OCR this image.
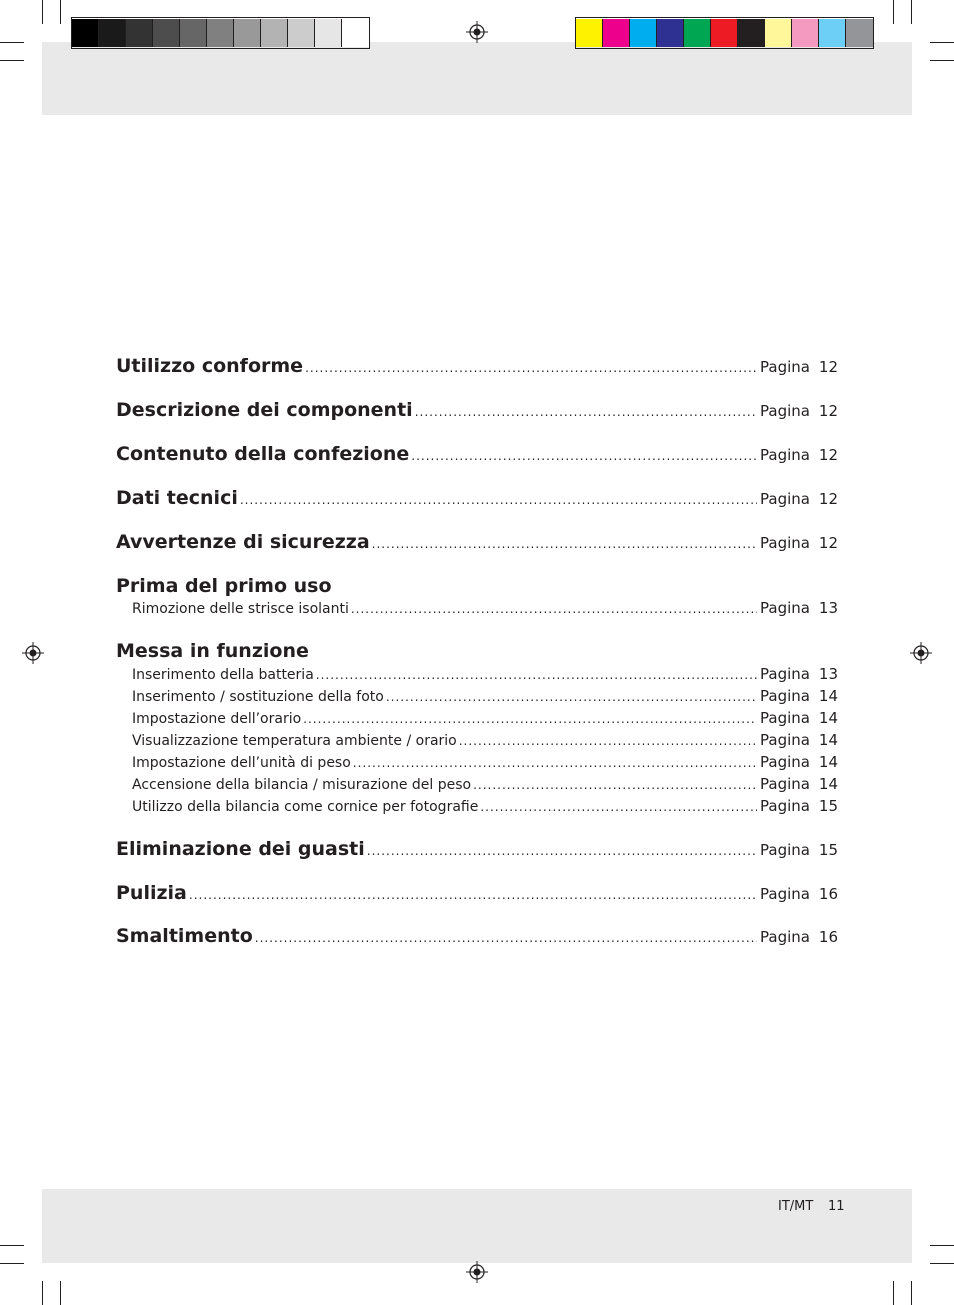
Utilizzo conforme .....	Pagina 12
Descrizione dei componenti .....	Pagina 12
Contenuto della confezione .....	Pagina 12
Dati tecnici .....	Pagina 12
Avvertenze di sicurezza .....	Pagina 12
Prima del primo uso
Rimozione delle strisce isolanti .....	Pagina 13
Messa in funzione
Inserimento della batteria .....	Pagina 13
Inserimento / sostituzione della foto .....	Pagina 14
Impostazione dell’orario .....	Pagina 14
Visualizzazione temperatura ambiente / orario .....	Pagina 14
Impostazione dell’unità di peso .....	Pagina 14
Accensione della bilancia / misurazione del peso .....	Pagina 14
Utilizzo della bilancia come cornice per fotografie .....	Pagina 15
Eliminazione dei guasti .....	Pagina 15
Pulizia .....	Pagina 16
Smaltimento .....	Pagina 16
IT/MT 11
